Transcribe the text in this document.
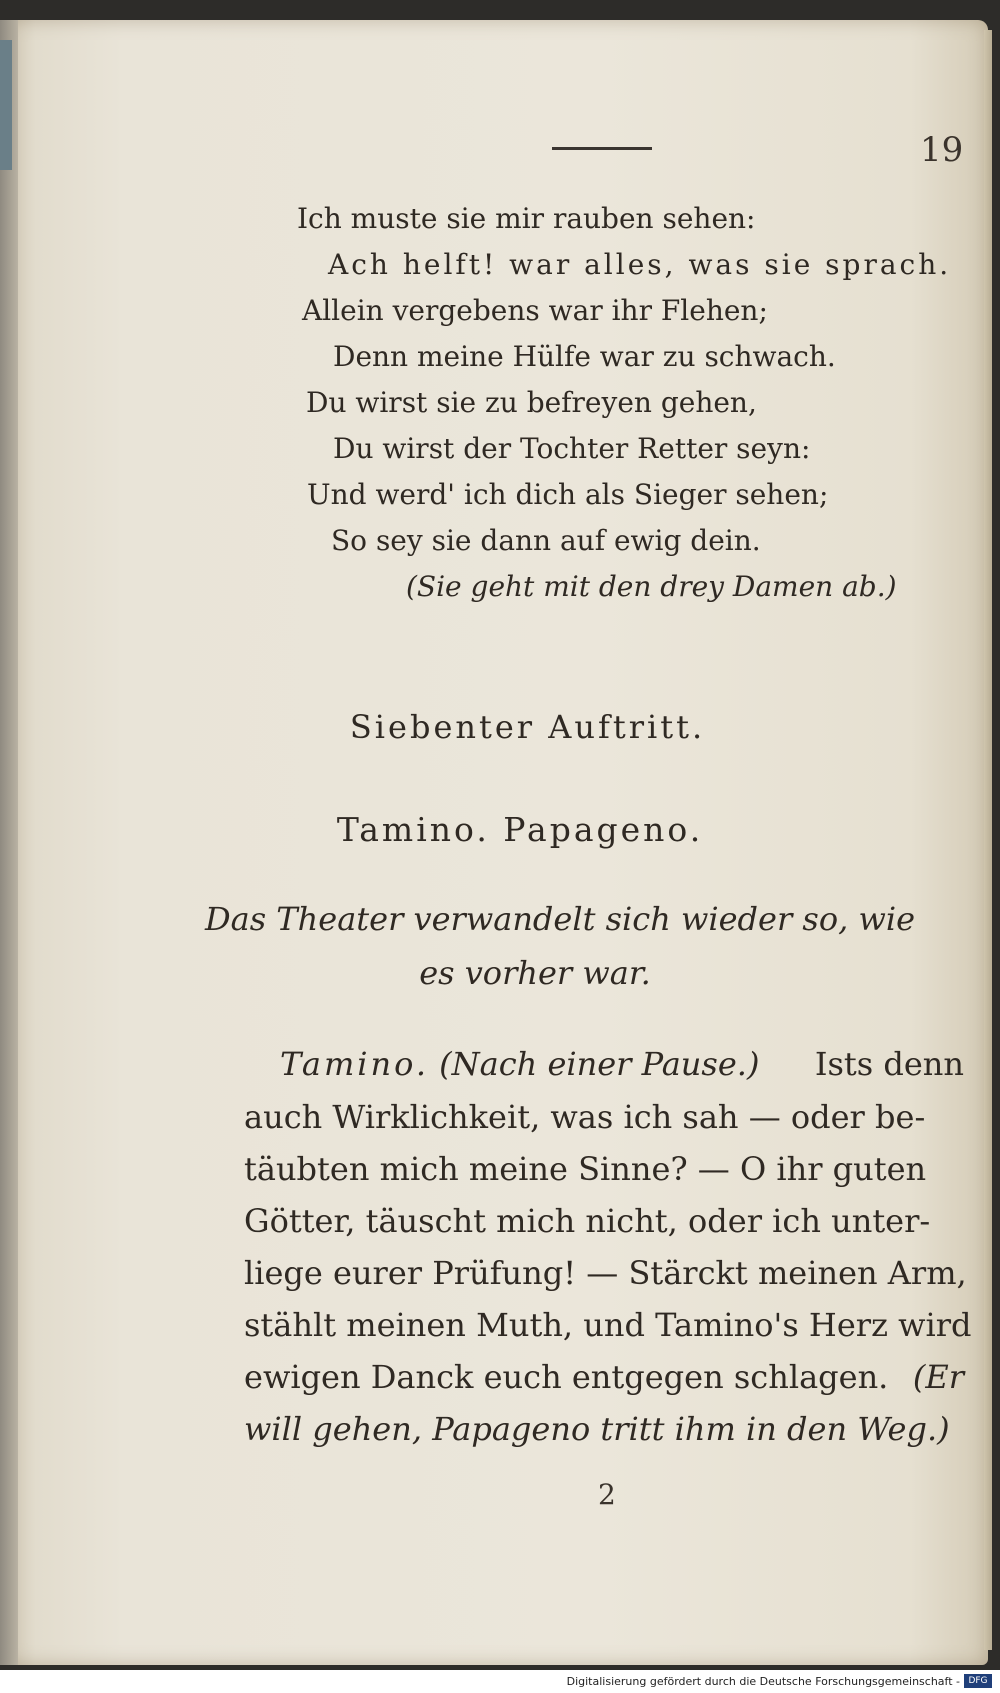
19
Ich muste sie mir rauben sehen:
Ach helft! war alles, was sie sprach.
Allein vergebens war ihr Flehen;
Denn meine Hülfe war zu schwach.
Du wirst sie zu befreyen gehen,
Du wirst der Tochter Retter seyn:
Und werd' ich dich als Sieger sehen;
So sey sie dann auf ewig dein.
(Sie geht mit den drey Damen ab.)
Siebenter Auftritt.
Tamino. Papageno.
Das Theater verwandelt sich wieder so, wie
es vorher war.
Tamino. (Nach einer Pause.) Ists denn
auch Wirklichkeit, was ich sah — oder be-
täubten mich meine Sinne? — O ihr guten
Götter, täuscht mich nicht, oder ich unter-
liege eurer Prüfung! — Stärckt meinen Arm,
stählt meinen Muth, und Tamino's Herz wird
ewigen Danck euch entgegen schlagen. (Er
will gehen, Papageno tritt ihm in den Weg.)
2
Digitalisierung gefördert durch die Deutsche Forschungsgemeinschaft - DFG
